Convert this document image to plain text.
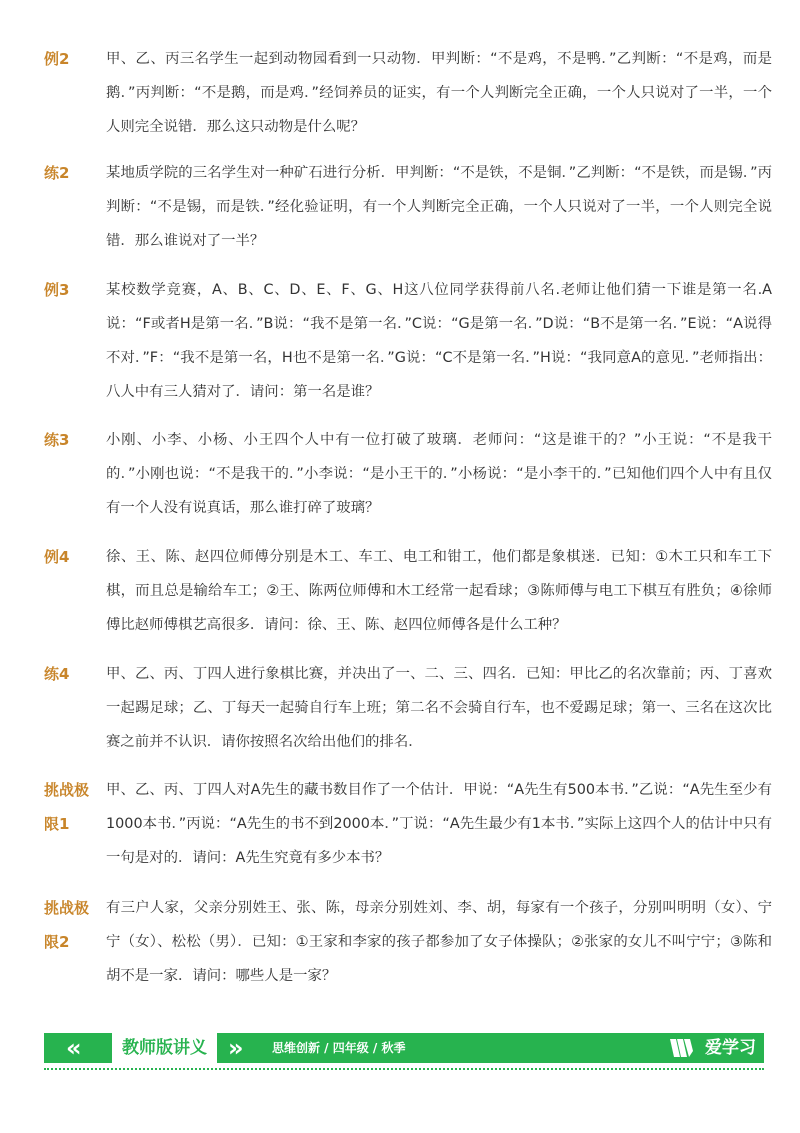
例2	甲、乙、丙三名学生一起到动物园看到一只动物．甲判断：“不是鸡，不是鸭．”乙判断：“不是鸡，而是鹅．”丙判断：“不是鹅，而是鸡．”经饲养员的证实，有一个人判断完全正确，一个人只说对了一半，一个人则完全说错．那么这只动物是什么呢？
练2	某地质学院的三名学生对一种矿石进行分析．甲判断：“不是铁，不是铜．”乙判断：“不是铁，而是锡．”丙判断：“不是锡，而是铁．”经化验证明，有一个人判断完全正确，一个人只说对了一半，一个人则完全说错．那么谁说对了一半？
例3	某校数学竞赛，A、B、C、D、E、F、G、H这八位同学获得前八名.老师让他们猜一下谁是第一名.A说：“F或者H是第一名．”B说：“我不是第一名．”C说：“G是第一名．”D说：“B不是第一名．”E说：“A说得不对．”F：“我不是第一名，H也不是第一名．”G说：“C不是第一名．”H说：“我同意A的意见．”老师指出：八人中有三人猜对了．请问：第一名是谁？
练3	小刚、小李、小杨、小王四个人中有一位打破了玻璃．老师问：“这是谁干的？”小王说：“不是我干的．”小刚也说：“不是我干的．”小李说：“是小王干的．”小杨说：“是小李干的．”已知他们四个人中有且仅有一个人没有说真话，那么谁打碎了玻璃？
例4	徐、王、陈、赵四位师傅分别是木工、车工、电工和钳工，他们都是象棋迷．已知：①木工只和车工下棋，而且总是输给车工；②王、陈两位师傅和木工经常一起看球；③陈师傅与电工下棋互有胜负；④徐师傅比赵师傅棋艺高很多．请问：徐、王、陈、赵四位师傅各是什么工种？
练4	甲、乙、丙、丁四人进行象棋比赛，并决出了一、二、三、四名．已知：甲比乙的名次靠前；丙、丁喜欢一起踢足球；乙、丁每天一起骑自行车上班；第二名不会骑自行车，也不爱踢足球；第一、三名在这次比赛之前并不认识．请你按照名次给出他们的排名．
挑战极限1
甲、乙、丙、丁四人对A先生的藏书数目作了一个估计．甲说：“A先生有500本书．”乙说：“A先生至少有1000本书．”丙说：“A先生的书不到2000本．”丁说：“A先生最少有1本书．”实际上这四个人的估计中只有一句是对的．请问：A先生究竟有多少本书？
挑战极限2
有三户人家，父亲分别姓王、张、陈，母亲分别姓刘、李、胡，每家有一个孩子，分别叫明明（女）、宁宁（女）、松松（男）．已知：①王家和李家的孩子都参加了女子体操队；②张家的女儿不叫宁宁；③陈和胡不是一家．请问：哪些人是一家？
«	教师版讲义 » 思维创新 / 四年级 / 秋季	爱学习
